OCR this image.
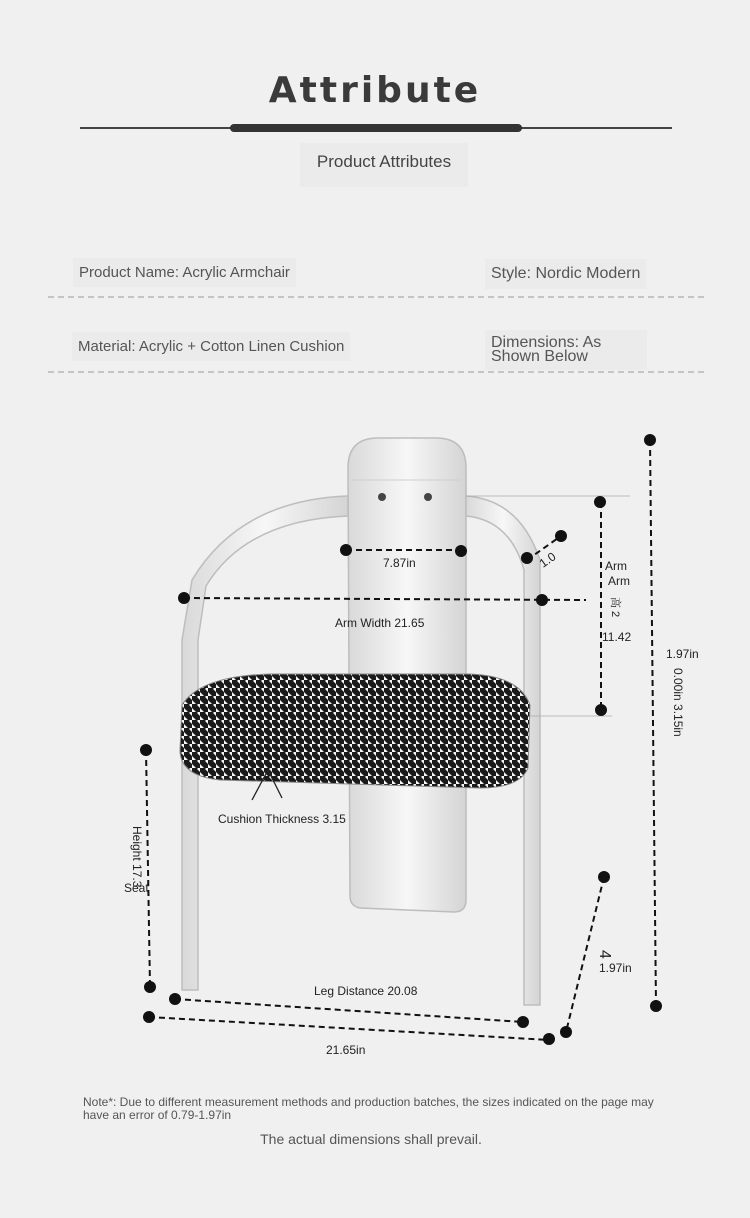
Attribute
Product Attributes
Product Name: Acrylic Armchair	Style: Nordic Modern
Material: Acrylic + Cotton Linen Cushion	Dimensions: As
Shown Below
7.87in	1.0	Arm
Arm
高 2
11.42
Arm Width 21.65
1.97in
0.00in 3.15in
Cushion Thickness 3.15
Height 17.3
Seat
4
1.97in
Leg Distance 20.08
21.65in
Note*: Due to different measurement methods and production batches, the sizes indicated on the page may have an error of 0.79-1.97in
The actual dimensions shall prevail.
